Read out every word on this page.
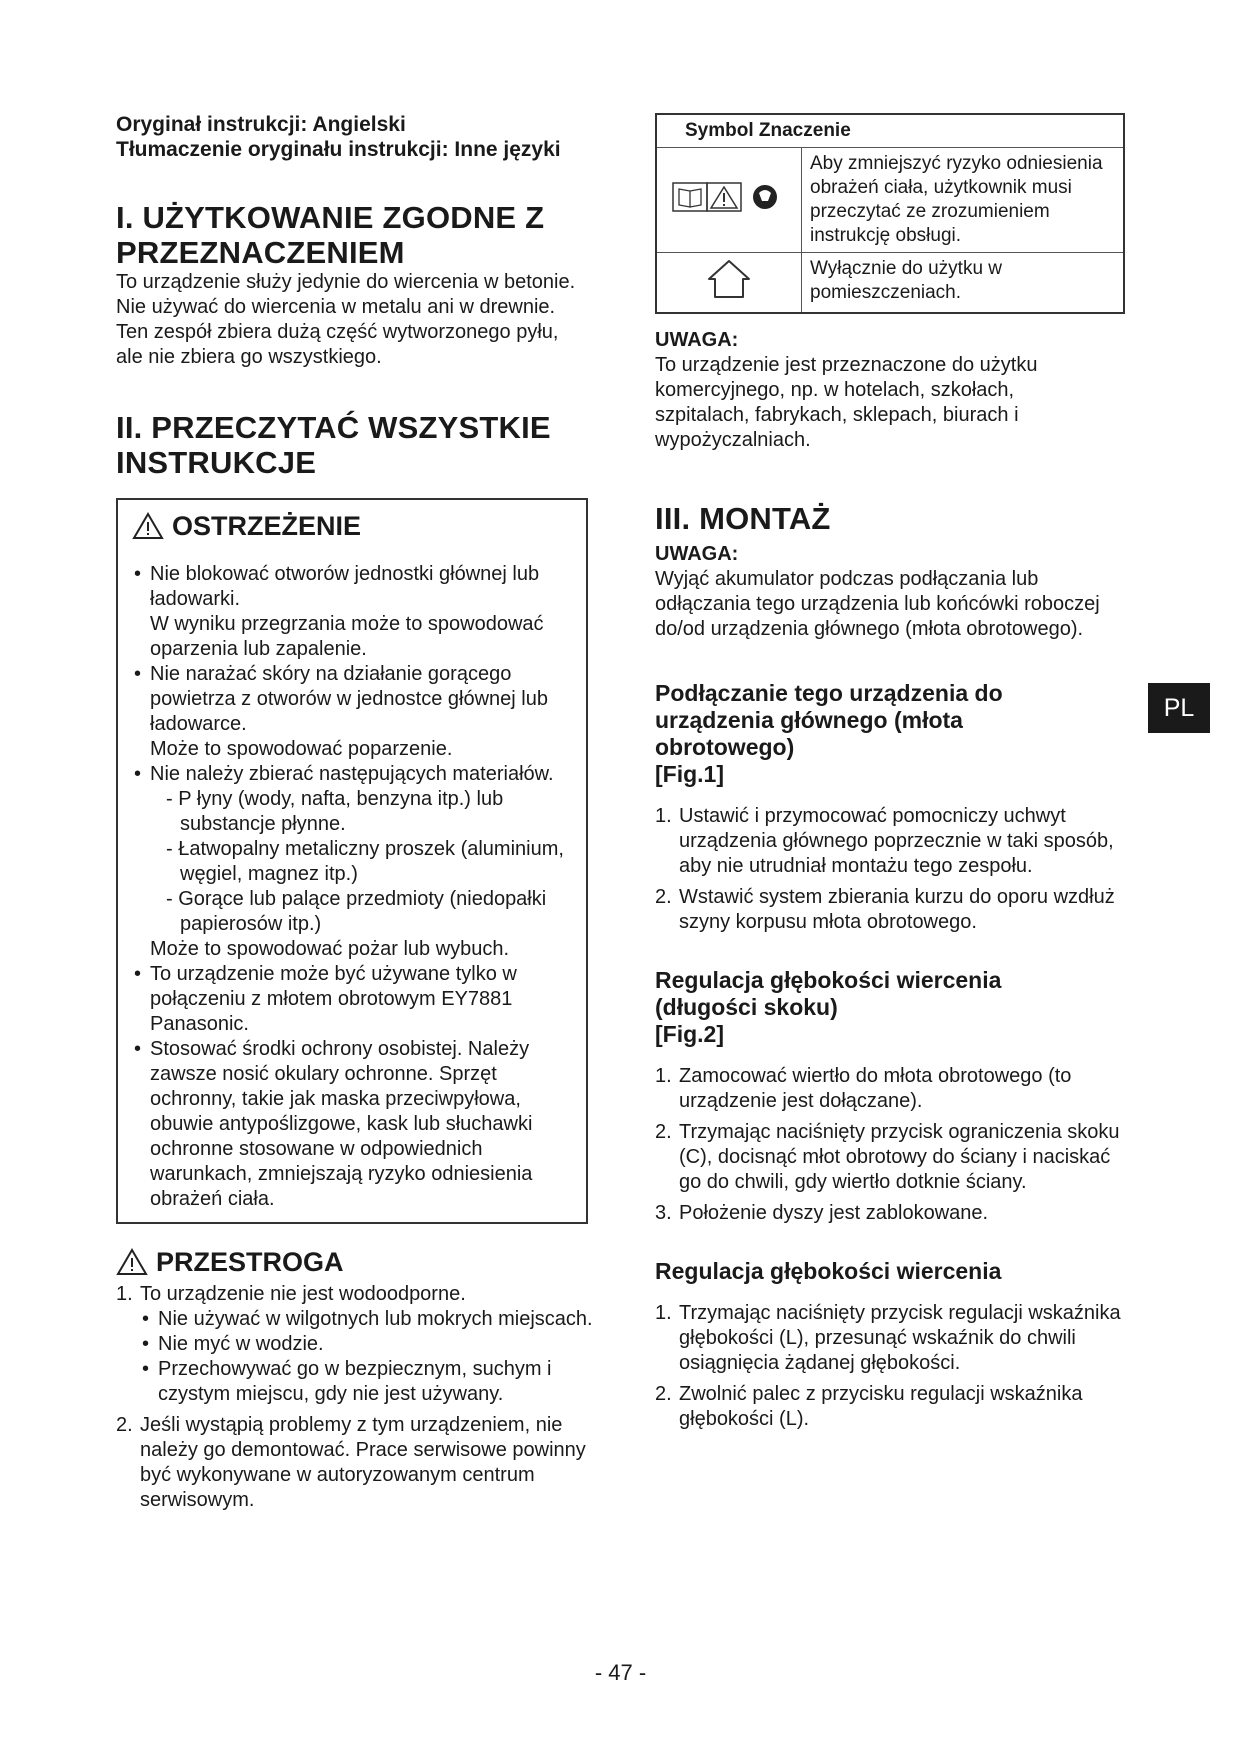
Oryginał instrukcji: Angielski

Tłumaczenie oryginału instrukcji: Inne języki

I. UŻYTKOWANIE ZGODNE Z PRZEZNACZENIEM

To urządzenie służy jedynie do wiercenia w betonie. Nie używać do wiercenia w metalu ani w drewnie. Ten zespół zbiera dużą część wytworzonego pyłu, ale nie zbiera go wszystkiego.

II. PRZECZYTAĆ WSZYSTKIE INSTRUKCJE
OSTRZEŻENIE
• Nie blokować otworów jednostki głównej lub ładowarki.
W wyniku przegrzania może to spowodować oparzenia lub zapalenie.
• Nie narażać skóry na działanie gorącego powietrza z otworów w jednostce głównej lub ładowarce.
Może to spowodować poparzenie.
• Nie należy zbierać następujących materiałów.
- P łyny (wody, nafta, benzyna itp.) lub substancje płynne.
- Łatwopalny metaliczny proszek (aluminium, węgiel, magnez itp.)
- Gorące lub palące przedmioty (niedopałki papierosów itp.)
Może to spowodować pożar lub wybuch.
• To urządzenie może być używane tylko w połączeniu z młotem obrotowym EY7881 Panasonic.
• Stosować środki ochrony osobistej. Należy zawsze nosić okulary ochronne. Sprzęt ochronny, takie jak maska przeciwpyłowa, obuwie antypoślizgowe, kask lub słuchawki ochronne stosowane w odpowiednich warunkach, zmniejszają ryzyko odniesienia obrażeń ciała.
PRZESTROGA
1. To urządzenie nie jest wodoodporne.
• Nie używać w wilgotnych lub mokrych miejscach.
• Nie myć w wodzie.
• Przechowywać go w bezpiecznym, suchym i czystym miejscu, gdy nie jest używany.
2. Jeśli wystąpią problemy z tym urządzeniem, nie należy go demontować. Prace serwisowe powinny być wykonywane w autoryzowanym centrum serwisowym.
Symbol Znaczenie	
	Aby zmniejszyć ryzyko odniesienia obrażeń ciała, użytkownik musi przeczytać ze zrozumieniem instrukcję obsługi.
	Wyłącznie do użytku w pomieszczeniach.

UWAGA:

To urządzenie jest przeznaczone do użytku komercyjnego, np. w hotelach, szkołach, szpitalach, fabrykach, sklepach, biurach i wypożyczalniach.

III. MONTAŻ

UWAGA:

Wyjąć akumulator podczas podłączania lub odłączania tego urządzenia lub końcówki roboczej do/od urządzenia głównego (młota obrotowego).

Podłączanie tego urządzenia do urządzenia głównego (młota obrotowego)

[Fig.1]

1. Ustawić i przymocować pomocniczy uchwyt urządzenia głównego poprzecznie w taki sposób, aby nie utrudniał montażu tego zespołu.
2. Wstawić system zbierania kurzu do oporu wzdłuż szyny korpusu młota obrotowego.

Regulacja głębokości wiercenia (długości skoku)

[Fig.2]

1. Zamocować wiertło do młota obrotowego (to urządzenie jest dołączane).
2. Trzymając naciśnięty przycisk ograniczenia skoku (C), docisnąć młot obrotowy do ściany i naciskać go do chwili, gdy wiertło dotknie ściany.
3. Położenie dyszy jest zablokowane.

Regulacja głębokości wiercenia

1. Trzymając naciśnięty przycisk regulacji wskaźnika głębokości (L), przesunąć wskaźnik do chwili osiągnięcia żądanej głębokości.
2. Zwolnić palec z przycisku regulacji wskaźnika głębokości (L).
PL
- 47 -
